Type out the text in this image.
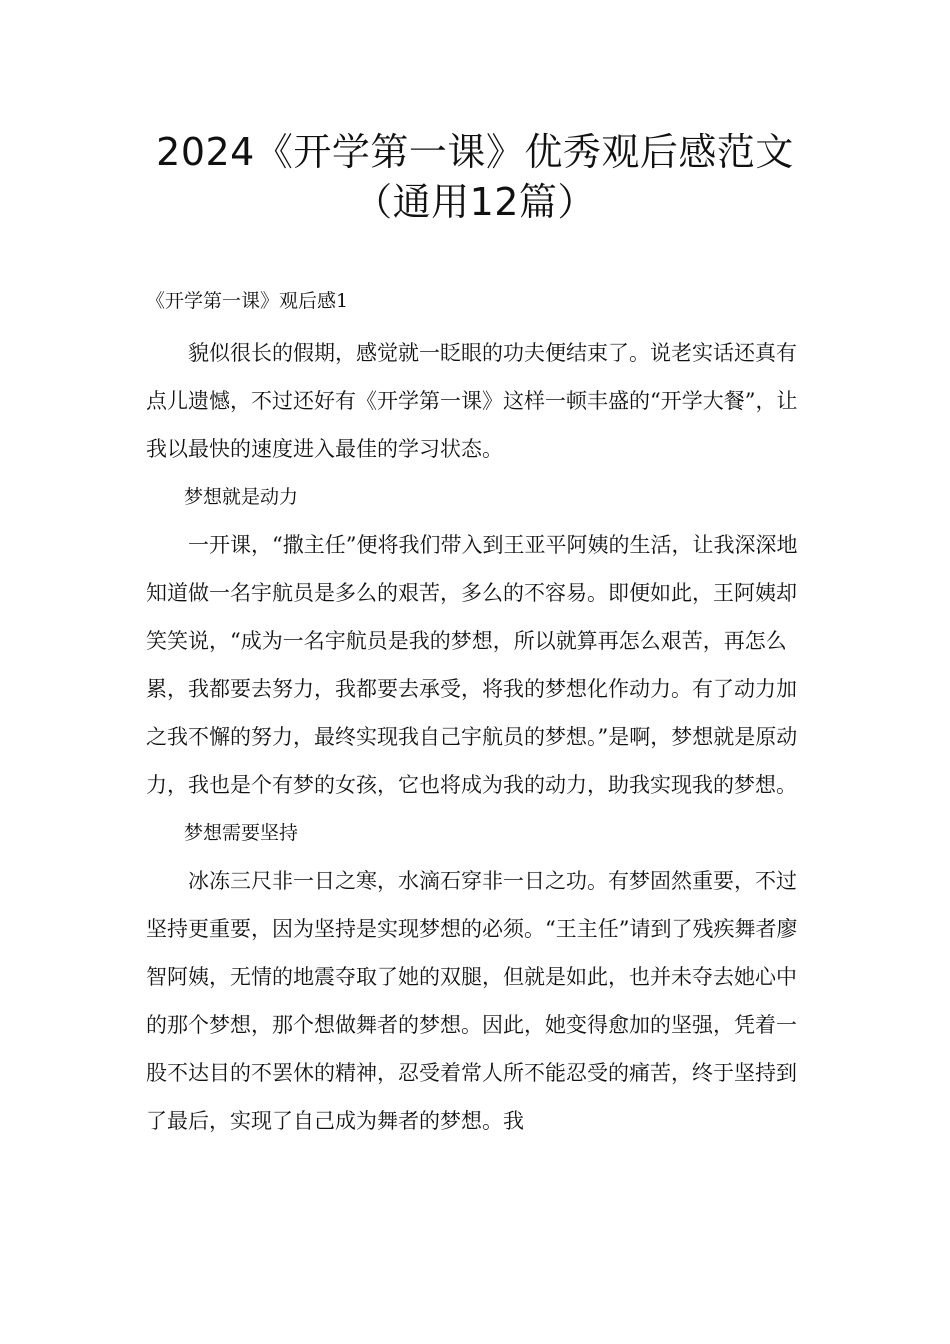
2024《开学第一课》优秀观后感范文
（通用12篇）
《开学第一课》观后感1

貌似很长的假期，感觉就一眨眼的功夫便结束了。说老实话还真有点儿遗憾，不过还好有《开学第一课》这样一顿丰盛的“开学大餐”，让我以最快的速度进入最佳的学习状态。

梦想就是动力

一开课，“撒主任”便将我们带入到王亚平阿姨的生活，让我深深地知道做一名宇航员是多么的艰苦，多么的不容易。即便如此，王阿姨却笑笑说，“成为一名宇航员是我的梦想，所以就算再怎么艰苦，再怎么累，我都要去努力，我都要去承受，将我的梦想化作动力。有了动力加之我不懈的努力，最终实现我自己宇航员的梦想。”是啊，梦想就是原动力，我也是个有梦的女孩，它也将成为我的动力，助我实现我的梦想。

梦想需要坚持

冰冻三尺非一日之寒，水滴石穿非一日之功。有梦固然重要，不过坚持更重要，因为坚持是实现梦想的必须。“王主任”请到了残疾舞者廖智阿姨，无情的地震夺取了她的双腿，但就是如此，也并未夺去她心中的那个梦想，那个想做舞者的梦想。因此，她变得愈加的坚强，凭着一股不达目的不罢休的精神，忍受着常人所不能忍受的痛苦，终于坚持到了最后，实现了自己成为舞者的梦想。我
